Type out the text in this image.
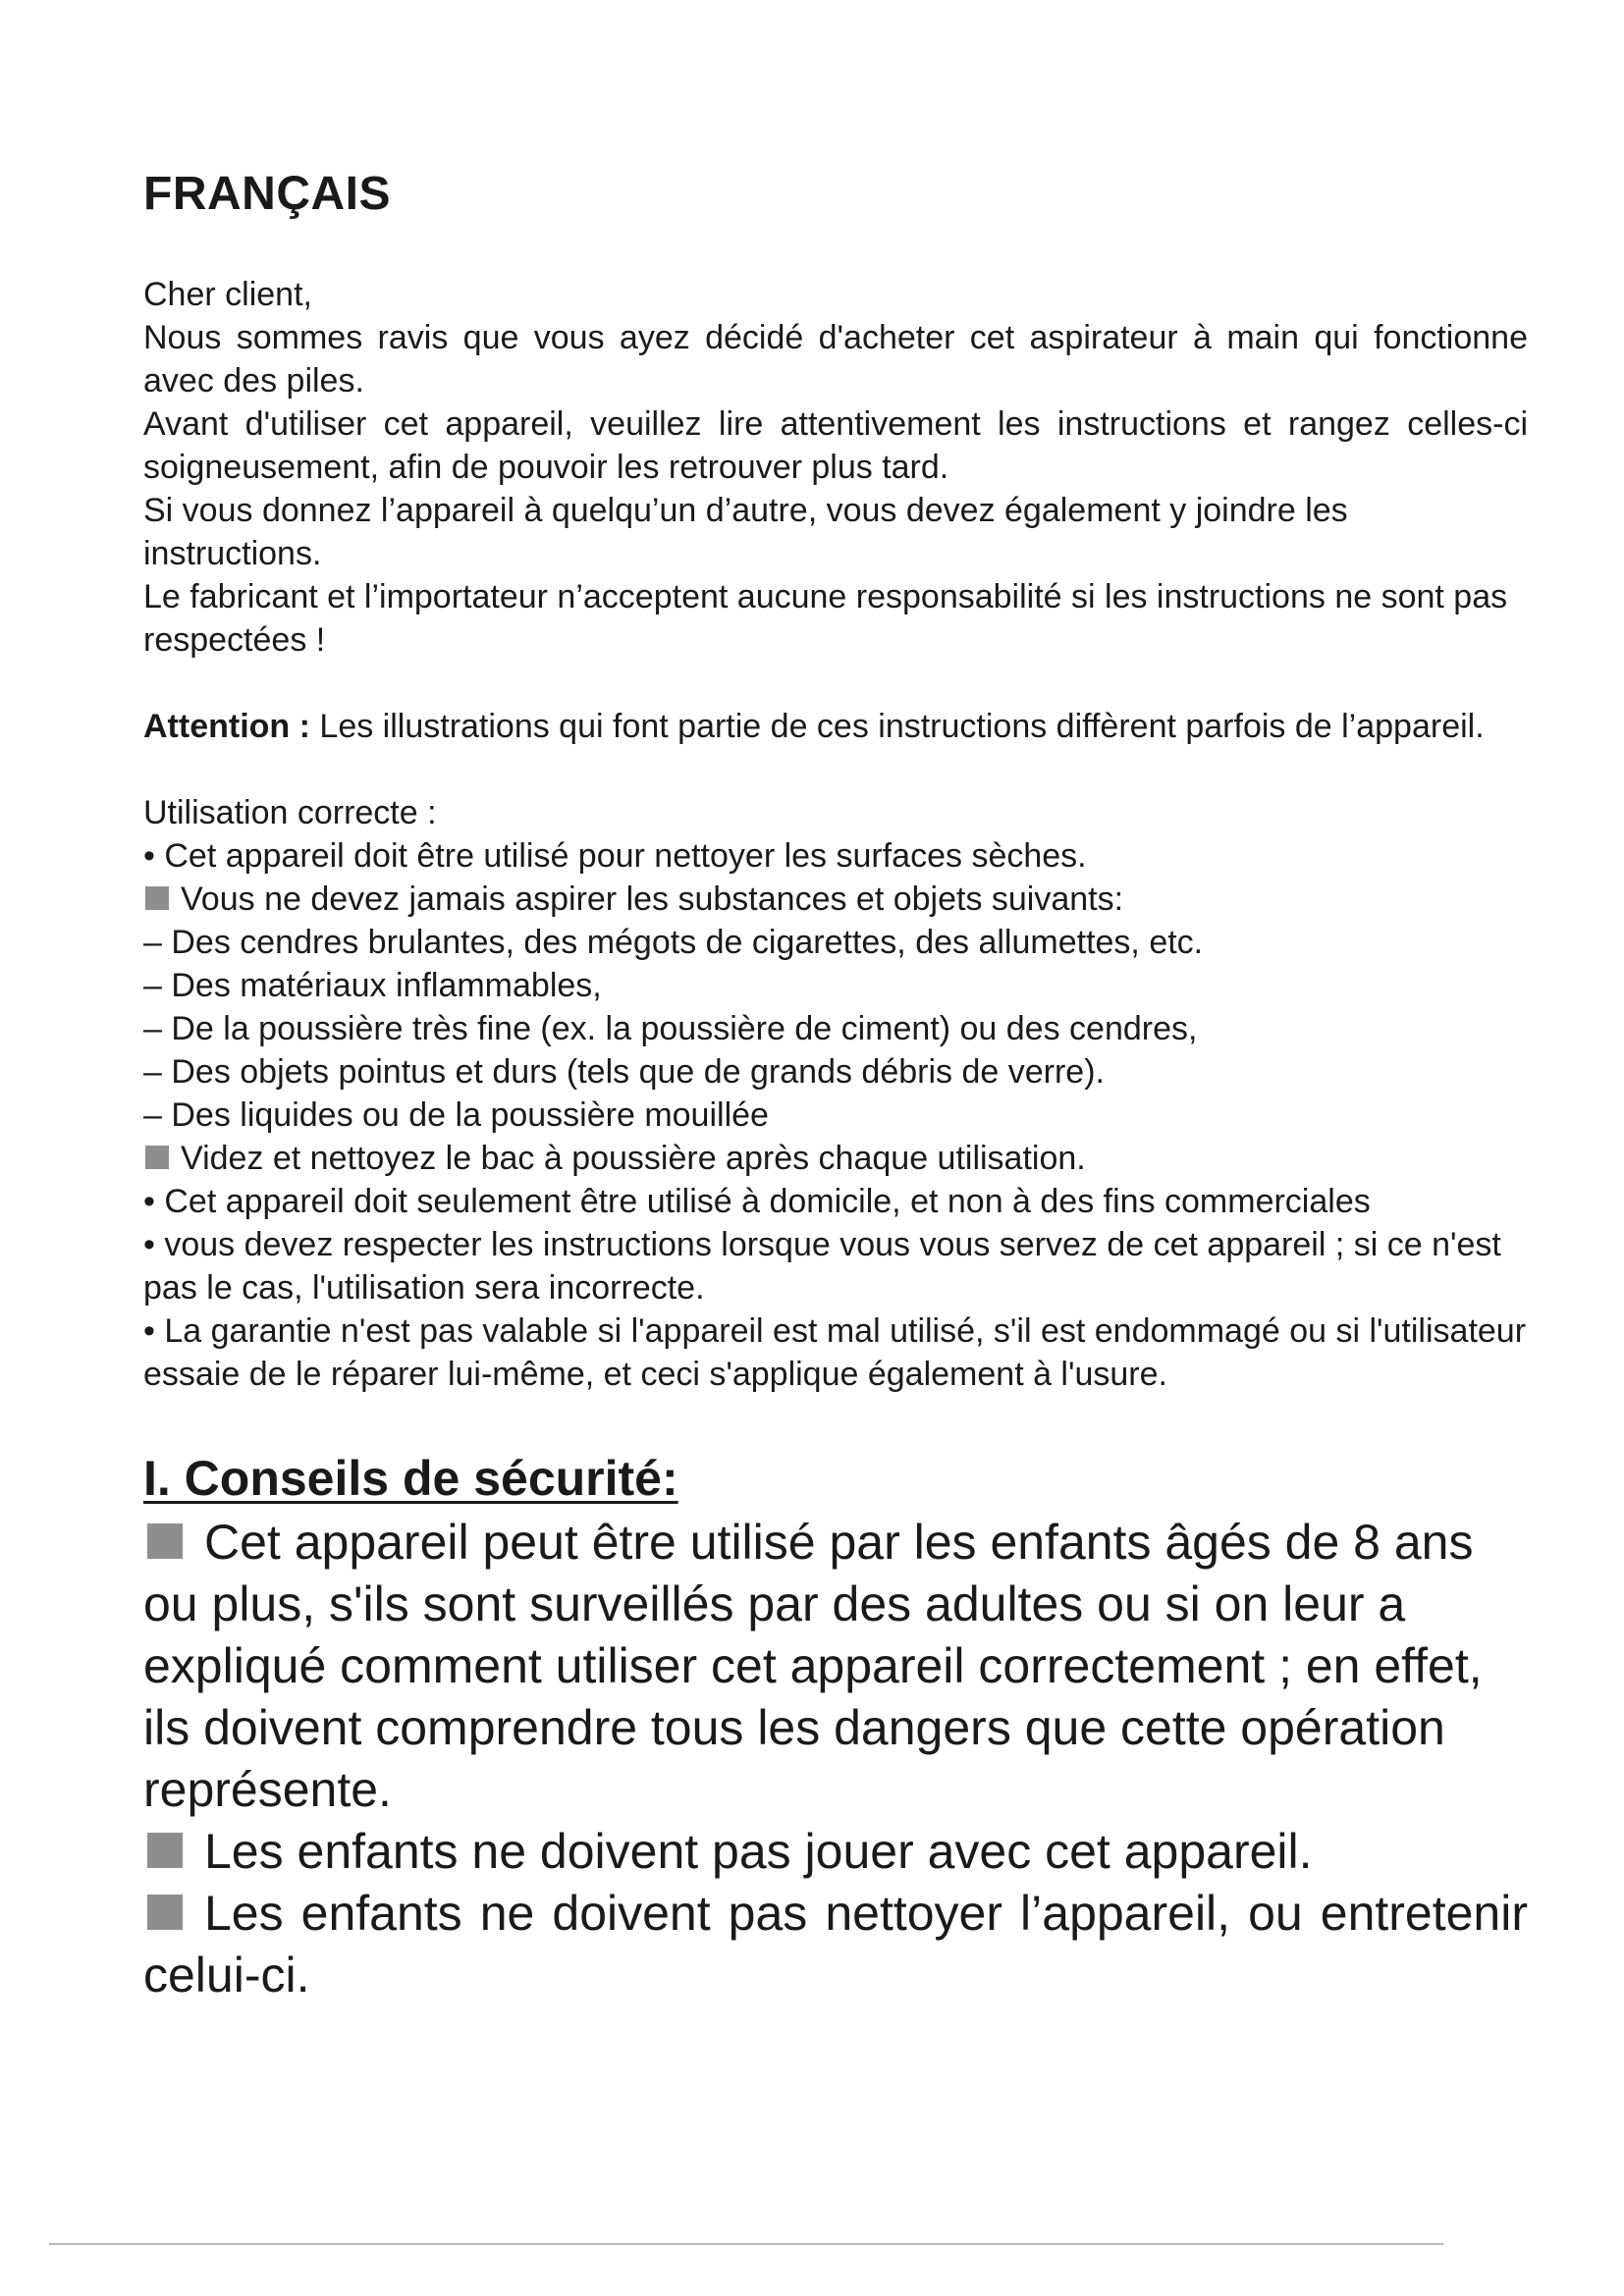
FRANÇAIS

Cher client,

Nous sommes ravis que vous ayez décidé d'acheter cet aspirateur à main qui fonctionne avec des piles.

Avant d'utiliser cet appareil, veuillez lire attentivement les instructions et rangez celles-ci soigneusement, afin de pouvoir les retrouver plus tard.

Si vous donnez l’appareil à quelqu’un d’autre, vous devez également y joindre les instructions.

Le fabricant et l’importateur n’acceptent aucune responsabilité si les instructions ne sont pas respectées !

Attention : Les illustrations qui font partie de ces instructions diffèrent parfois de l’appareil.

Utilisation correcte :

• Cet appareil doit être utilisé pour nettoyer les surfaces sèches.

Vous ne devez jamais aspirer les substances et objets suivants:

– Des cendres brulantes, des mégots de cigarettes, des allumettes, etc.

– Des matériaux inflammables,

– De la poussière très fine (ex. la poussière de ciment) ou des cendres,

– Des objets pointus et durs (tels que de grands débris de verre).

– Des liquides ou de la poussière mouillée

Videz et nettoyez le bac à poussière après chaque utilisation.

• Cet appareil doit seulement être utilisé à domicile, et non à des fins commerciales

• vous devez respecter les instructions lorsque vous vous servez de cet appareil ; si ce n'est pas le cas, l'utilisation sera incorrecte.

• La garantie n'est pas valable si l'appareil est mal utilisé, s'il est endommagé ou si l'utilisateur essaie de le réparer lui-même, et ceci s'applique également à l'usure.

I. Conseils de sécurité:

Cet appareil peut être utilisé par les enfants âgés de 8 ans ou plus, s'ils sont surveillés par des adultes ou si on leur a expliqué comment utiliser cet appareil correctement ; en effet, ils doivent comprendre tous les dangers que cette opération représente.

Les enfants ne doivent pas jouer avec cet appareil.

Les enfants ne doivent pas nettoyer l’appareil, ou entretenir celui-ci.
